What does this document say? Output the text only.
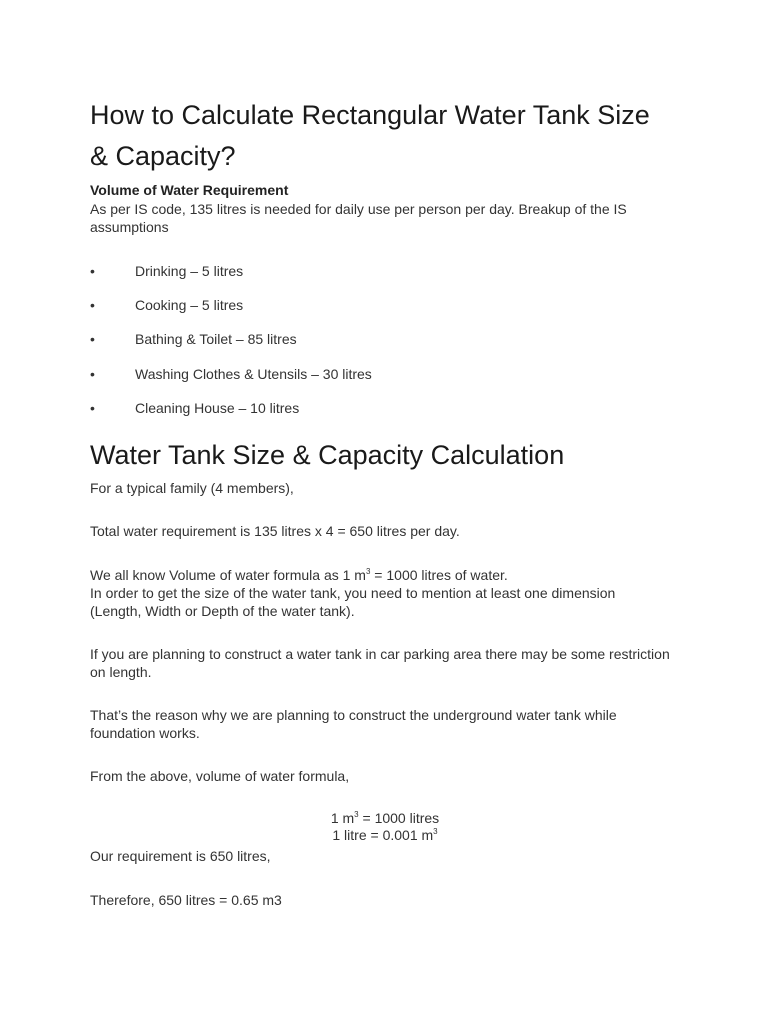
How to Calculate Rectangular Water Tank Size
& Capacity?
Volume of Water Requirement
As per IS code, 135 litres is needed for daily use per person per day. Breakup of the IS assumptions
•	Drinking – 5 litres
•	Cooking – 5 litres
•	Bathing & Toilet – 85 litres
•	Washing Clothes & Utensils – 30 litres
•	Cleaning House – 10 litres
Water Tank Size & Capacity Calculation
For a typical family (4 members),
Total water requirement is 135 litres x 4 = 650 litres per day.
We all know Volume of water formula as 1 $m^3 = 1000$ litres of water.
In order to get the size of the water tank, you need to mention at least one dimension (Length, Width or Depth of the water tank).
If you are planning to construct a water tank in car parking area there may be some restriction on length.
That’s the reason why we are planning to construct the underground water tank while foundation works.
From the above, volume of water formula,
1 $m^3 = 1000$ litres
1 litre = 0.001 $m^3$
Our requirement is 650 litres,
Therefore, 650 litres = 0.65 m3
